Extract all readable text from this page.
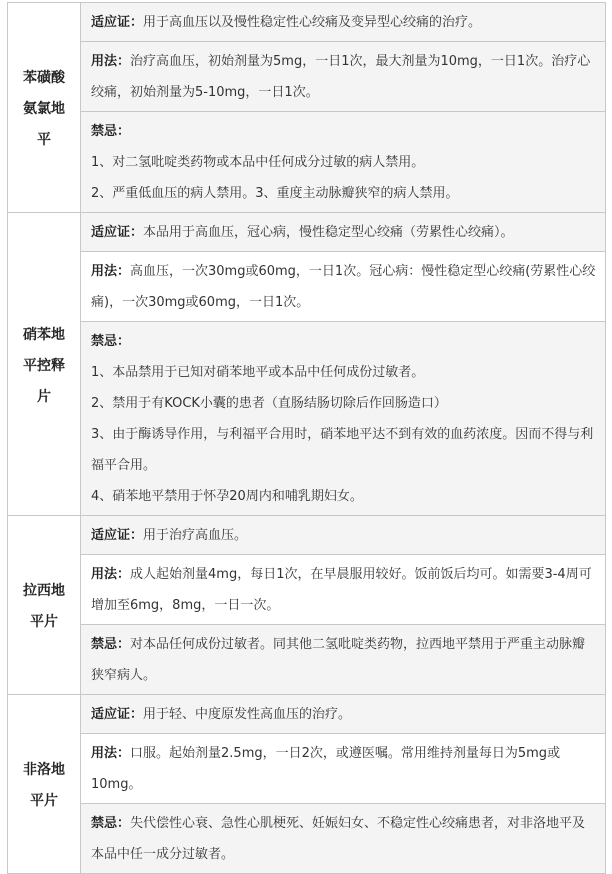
苯磺酸
氨氯地
平	适应证：用于高血压以及慢性稳定性心绞痛及变异型心绞痛的治疗。
	用法：治疗高血压，初始剂量为5mg，一日1次，最大剂量为10mg，一日1次。治疗心绞痛，初始剂量为5-10mg，一日1次。

	禁忌：
1、对二氢吡啶类药物或本品中任何成分过敏的病人禁用。
2、严重低血压的病人禁用。3、重度主动脉瓣狭窄的病人禁用。

硝苯地
平控释
片	适应证：本品用于高血压，冠心病，慢性稳定型心绞痛（劳累性心绞痛）。
	用法：高血压，一次30mg或60mg，一日1次。冠心病：慢性稳定型心绞痛(劳累性心绞痛)，一次30mg或60mg，一日1次。

	禁忌：
1、本品禁用于已知对硝苯地平或本品中任何成份过敏者。
2、禁用于有KOCK小囊的患者（直肠结肠切除后作回肠造口）
3、由于酶诱导作用，与利福平合用时，硝苯地平达不到有效的血药浓度。因而不得与利福平合用。
4、硝苯地平禁用于怀孕20周内和哺乳期妇女。

拉西地
平片	适应证：用于治疗高血压。
	用法：成人起始剂量4mg，每日1次，在早晨服用较好。饭前饭后均可。如需要3-4周可增加至6mg，8mg，一日一次。
	禁忌：对本品任何成份过敏者。同其他二氢吡啶类药物，拉西地平禁用于严重主动脉瓣狭窄病人。

非洛地
平片	适应证：用于轻、中度原发性高血压的治疗。
	用法：口服。起始剂量2.5mg，一日2次，或遵医嘱。常用维持剂量每日为5mg或10mg。
	禁忌：失代偿性心衰、急性心肌梗死、妊娠妇女、不稳定性心绞痛患者，对非洛地平及本品中任一成分过敏者。
